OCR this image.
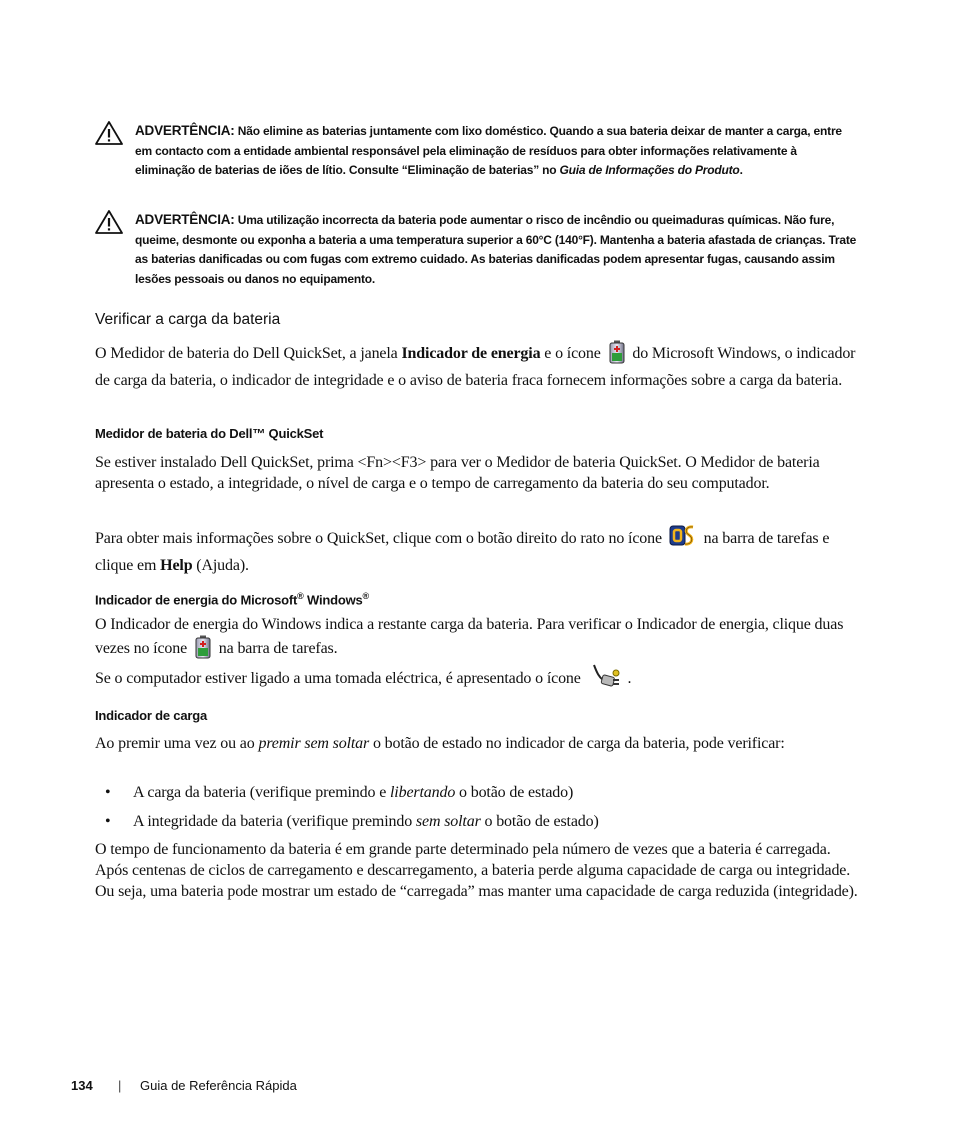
ADVERTÊNCIA: Não elimine as baterias juntamente com lixo doméstico. Quando a sua bateria deixar de manter a carga, entre em contacto com a entidade ambiental responsável pela eliminação de resíduos para obter informações relativamente à eliminação de baterias de iões de lítio. Consulte “Eliminação de baterias” no Guia de Informações do Produto.
ADVERTÊNCIA: Uma utilização incorrecta da bateria pode aumentar o risco de incêndio ou queimaduras químicas. Não fure, queime, desmonte ou exponha a bateria a uma temperatura superior a 60°C (140°F). Mantenha a bateria afastada de crianças. Trate as baterias danificadas ou com fugas com extremo cuidado. As baterias danificadas podem apresentar fugas, causando assim lesões pessoais ou danos no equipamento.
Verificar a carga da bateria

O Medidor de bateria do Dell QuickSet, a janela Indicador de energia e o ícone  do Microsoft Windows, o indicador de carga da bateria, o indicador de integridade e o aviso de bateria fraca fornecem informações sobre a carga da bateria.

Medidor de bateria do Dell™ QuickSet

Se estiver instalado Dell QuickSet, prima <Fn><F3> para ver o Medidor de bateria QuickSet. O Medidor de bateria apresenta o estado, a integridade, o nível de carga e o tempo de carregamento da bateria do seu computador.

Para obter mais informações sobre o QuickSet, clique com o botão direito do rato no ícone  na barra de tarefas e clique em Help (Ajuda).

Indicador de energia do Microsoft® Windows®

O Indicador de energia do Windows indica a restante carga da bateria. Para verificar o Indicador de energia, clique duas vezes no ícone  na barra de tarefas.

Se o computador estiver ligado a uma tomada eléctrica, é apresentado o ícone  .

Indicador de carga

Ao premir uma vez ou ao premir sem soltar o botão de estado no indicador de carga da bateria, pode verificar:

• A carga da bateria (verifique premindo e libertando o botão de estado)
• A integridade da bateria (verifique premindo sem soltar o botão de estado)

O tempo de funcionamento da bateria é em grande parte determinado pela número de vezes que a bateria é carregada. Após centenas de ciclos de carregamento e descarregamento, a bateria perde alguma capacidade de carga ou integridade. Ou seja, uma bateria pode mostrar um estado de “carregada” mas manter uma capacidade de carga reduzida (integridade).

134 | Guia de Referência Rápida
